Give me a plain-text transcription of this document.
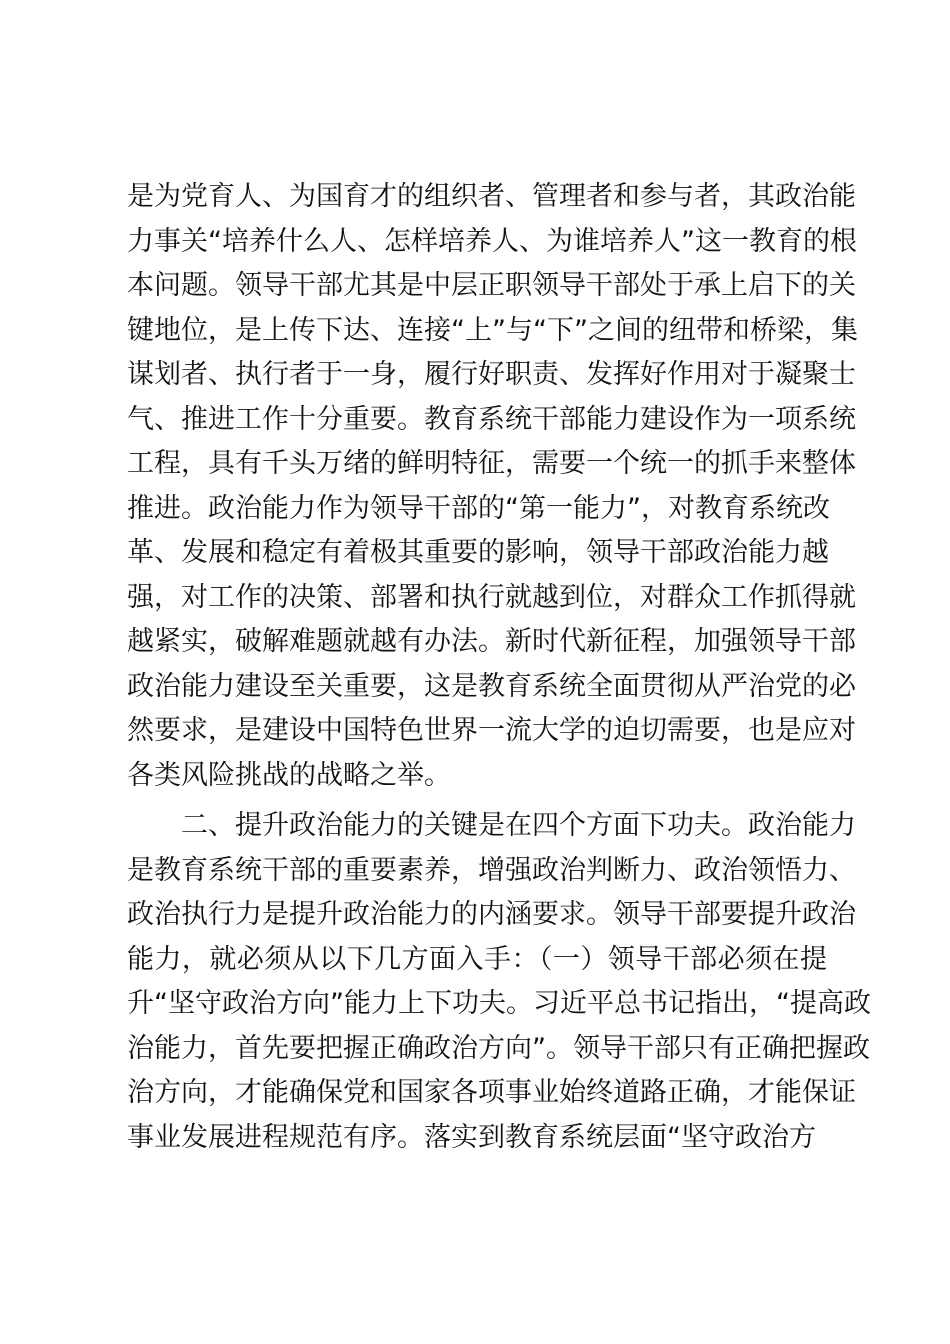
是为党育人、为国育才的组织者、管理者和参与者，其政治能
力事关“培养什么人、怎样培养人、为谁培养人”这一教育的根
本问题。领导干部尤其是中层正职领导干部处于承上启下的关
键地位，是上传下达、连接“上”与“下”之间的纽带和桥梁，集
谋划者、执行者于一身，履行好职责、发挥好作用对于凝聚士
气、推进工作十分重要。教育系统干部能力建设作为一项系统
工程，具有千头万绪的鲜明特征，需要一个统一的抓手来整体
推进。政治能力作为领导干部的“第一能力”，对教育系统改
革、发展和稳定有着极其重要的影响，领导干部政治能力越
强，对工作的决策、部署和执行就越到位，对群众工作抓得就
越紧实，破解难题就越有办法。新时代新征程，加强领导干部
政治能力建设至关重要，这是教育系统全面贯彻从严治党的必
然要求，是建设中国特色世界一流大学的迫切需要，也是应对
各类风险挑战的战略之举。
二、提升政治能力的关键是在四个方面下功夫。政治能力
是教育系统干部的重要素养，增强政治判断力、政治领悟力、
政治执行力是提升政治能力的内涵要求。领导干部要提升政治
能力，就必须从以下几方面入手：（一）领导干部必须在提
升“坚守政治方向”能力上下功夫。习近平总书记指出，“提高政
治能力，首先要把握正确政治方向”。领导干部只有正确把握政
治方向，才能确保党和国家各项事业始终道路正确，才能保证
事业发展进程规范有序。落实到教育系统层面“坚守政治方
